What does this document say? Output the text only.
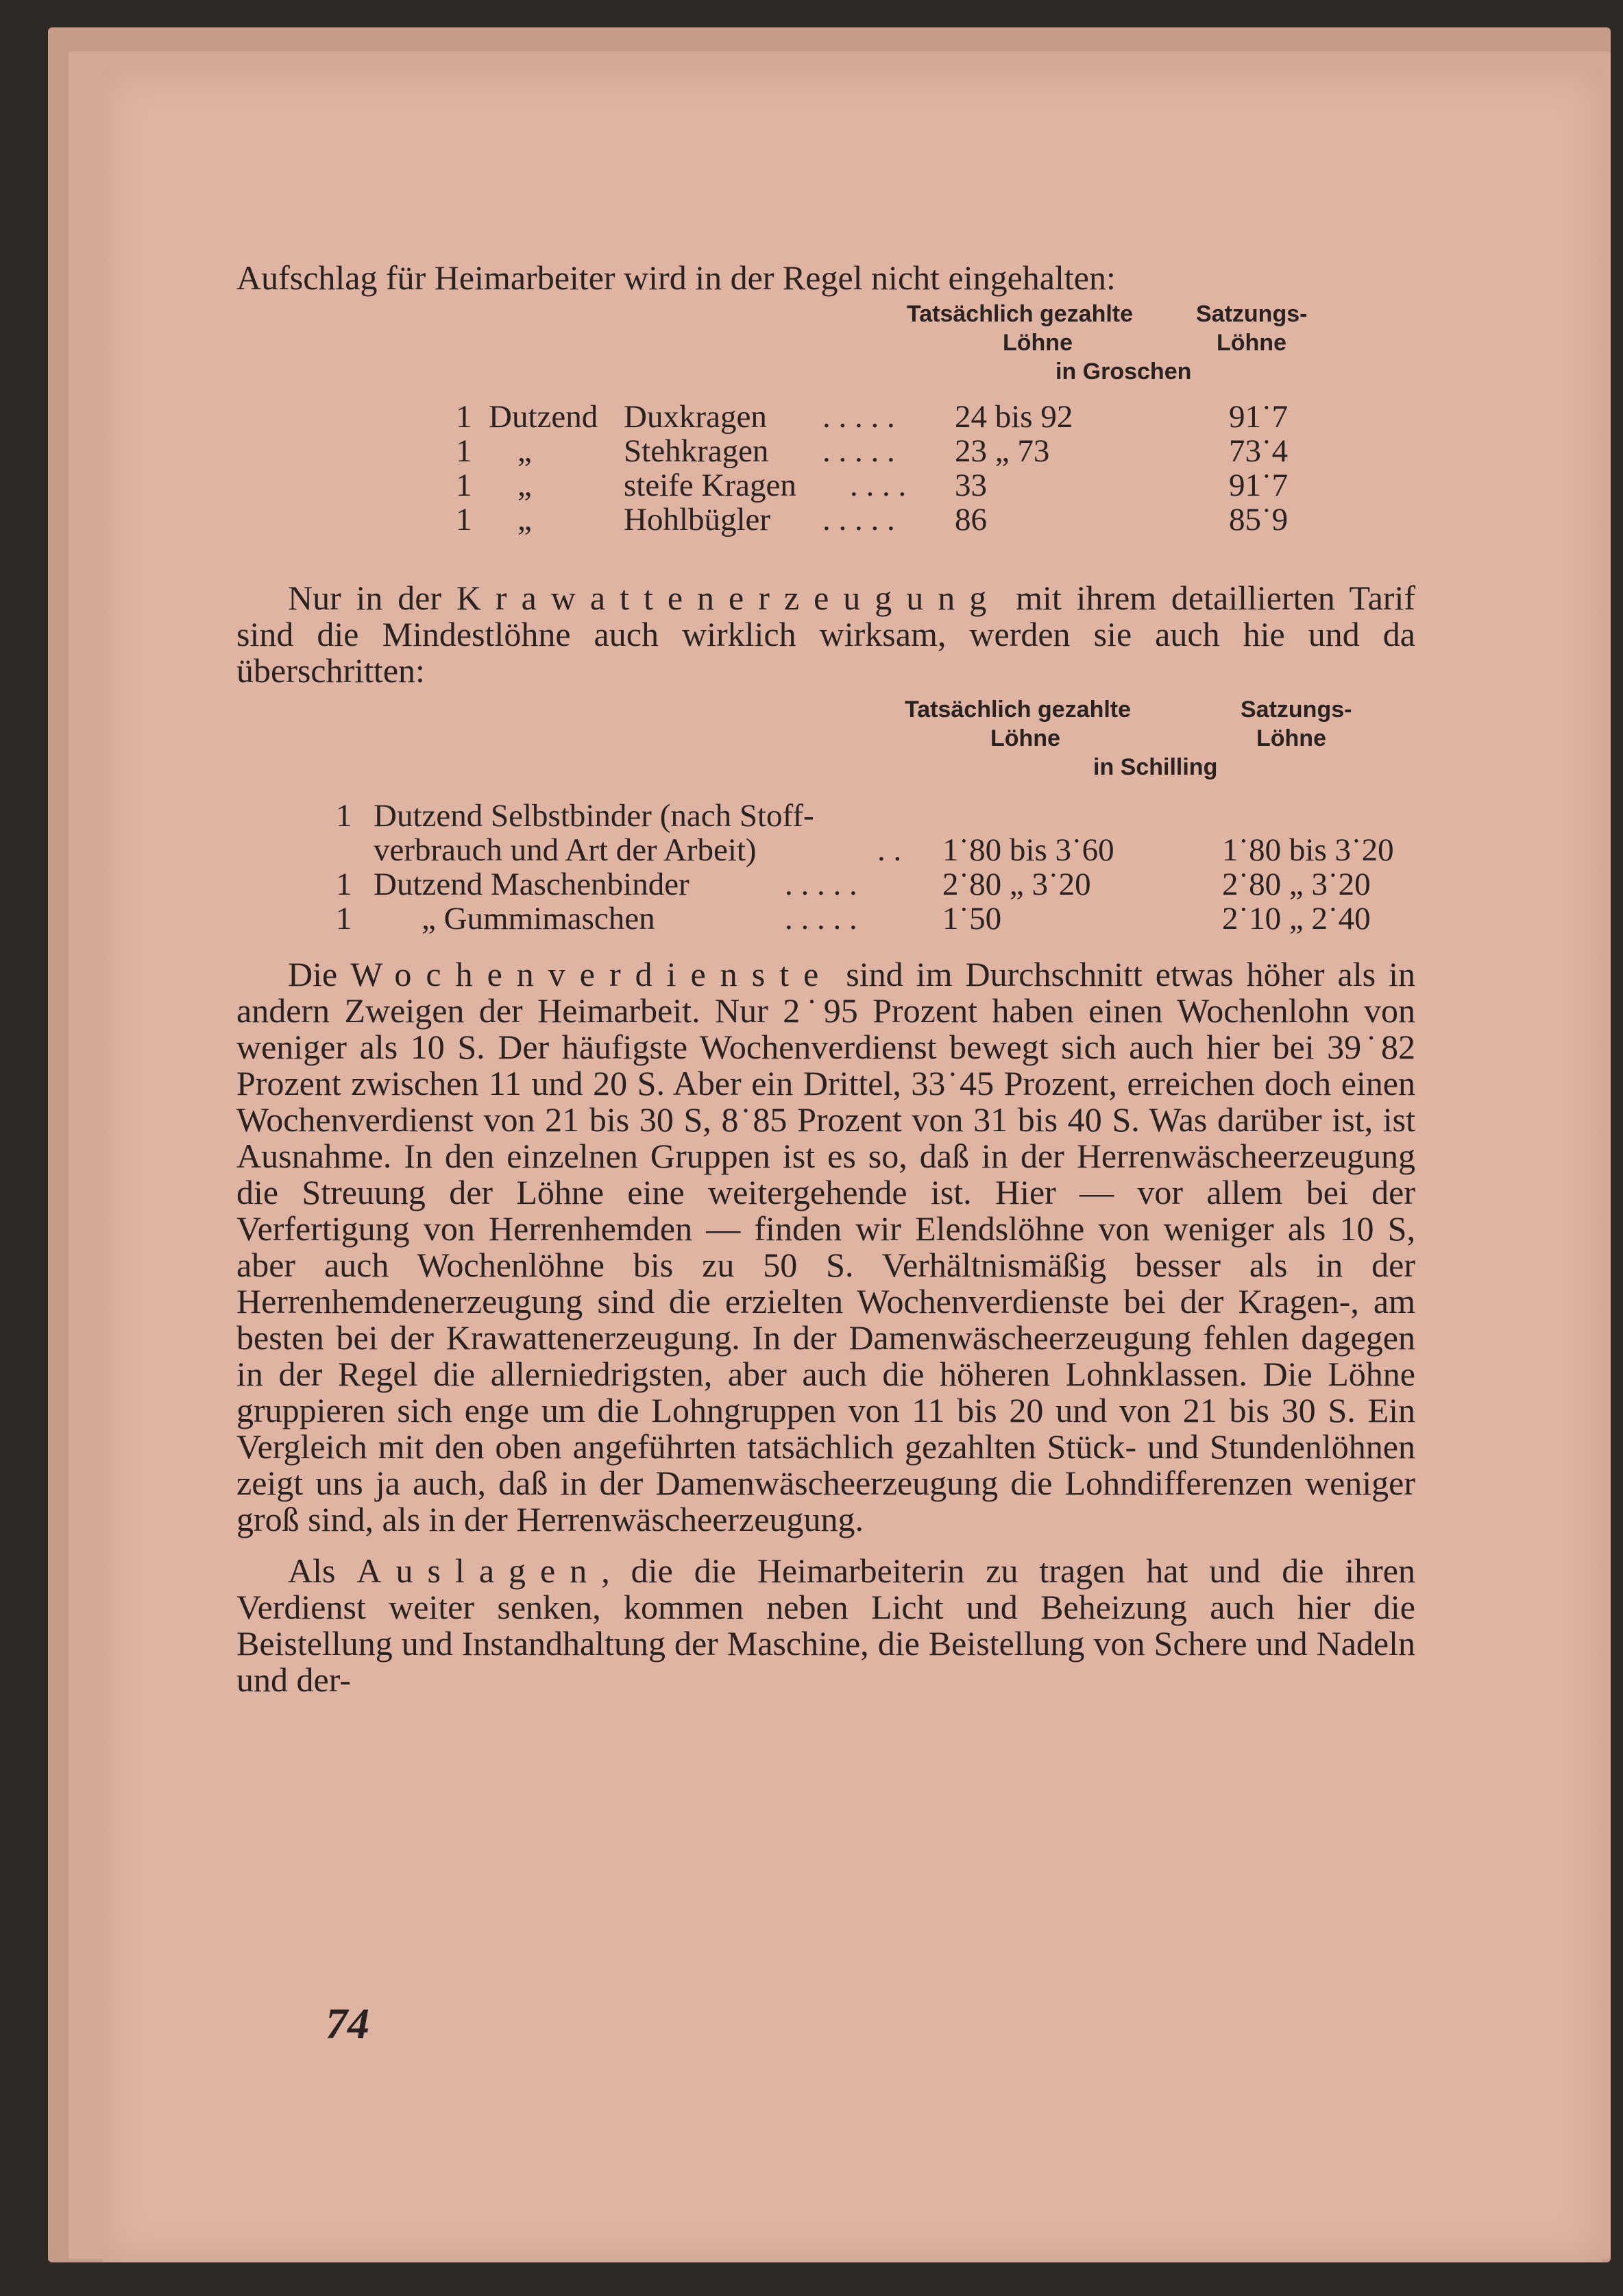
Aufschlag für Heimarbeiter wird in der Regel nicht eingehalten:

Tatsächlich gezahlte	Satzungs-
Löhne	Löhne
in Groschen
1 Dutzend Duxkragen . . . . . 24 bis 92	91˙7
1 „	Stehkragen . . . . . 23 „ 73	73˙4
1 „	steife Kragen . . . . 33	91˙7
1 „	Hohlbügler . . . . . 86	85˙9

Nur in der Krawattenerzeugung mit ihrem detaillierten Tarif sind die Mindestlöhne auch wirklich wirksam, werden sie auch hie und da überschritten:

Tatsächlich gezahlte	Satzungs-
Löhne	Löhne
in Schilling
1 Dutzend Selbstbinder (nach Stoff-
verbrauch und Art der Arbeit)	. . 1˙80 bis 3˙60	1˙80 bis 3˙20
1 Dutzend Maschenbinder	. . . . .	2˙80 „ 3˙20	2˙80 „ 3˙20
1 „ Gummimaschen	. . . . .	1˙50	2˙10 „ 2˙40

Die Wochenverdienste sind im Durchschnitt etwas höher als in andern Zweigen der Heimarbeit. Nur 2˙95 Prozent haben einen Wochenlohn von weniger als 10 S. Der häufigste Wochenverdienst bewegt sich auch hier bei 39˙82 Prozent zwischen 11 und 20 S. Aber ein Drittel, 33˙45 Prozent, erreichen doch einen Wochenverdienst von 21 bis 30 S, 8˙85 Prozent von 31 bis 40 S. Was darüber ist, ist Ausnahme. In den einzelnen Gruppen ist es so, daß in der Herrenwäscheerzeugung die Streuung der Löhne eine weitergehende ist. Hier — vor allem bei der Verfertigung von Herrenhemden — finden wir Elendslöhne von weniger als 10 S, aber auch Wochenlöhne bis zu 50 S. Verhältnismäßig besser als in der Herrenhemdenerzeugung sind die erzielten Wochenverdienste bei der Kragen-, am besten bei der Krawattenerzeugung. In der Damenwäscheerzeugung fehlen dagegen in der Regel die allerniedrigsten, aber auch die höheren Lohnklassen. Die Löhne gruppieren sich enge um die Lohngruppen von 11 bis 20 und von 21 bis 30 S. Ein Vergleich mit den oben angeführten tatsächlich gezahlten Stück- und Stundenlöhnen zeigt uns ja auch, daß in der Damenwäscheerzeugung die Lohndifferenzen weniger groß sind, als in der Herrenwäscheerzeugung.

Als Auslagen, die die Heimarbeiterin zu tragen hat und die ihren Verdienst weiter senken, kommen neben Licht und Beheizung auch hier die Beistellung und Instandhaltung der Maschine, die Beistellung von Schere und Nadeln und der-

74
